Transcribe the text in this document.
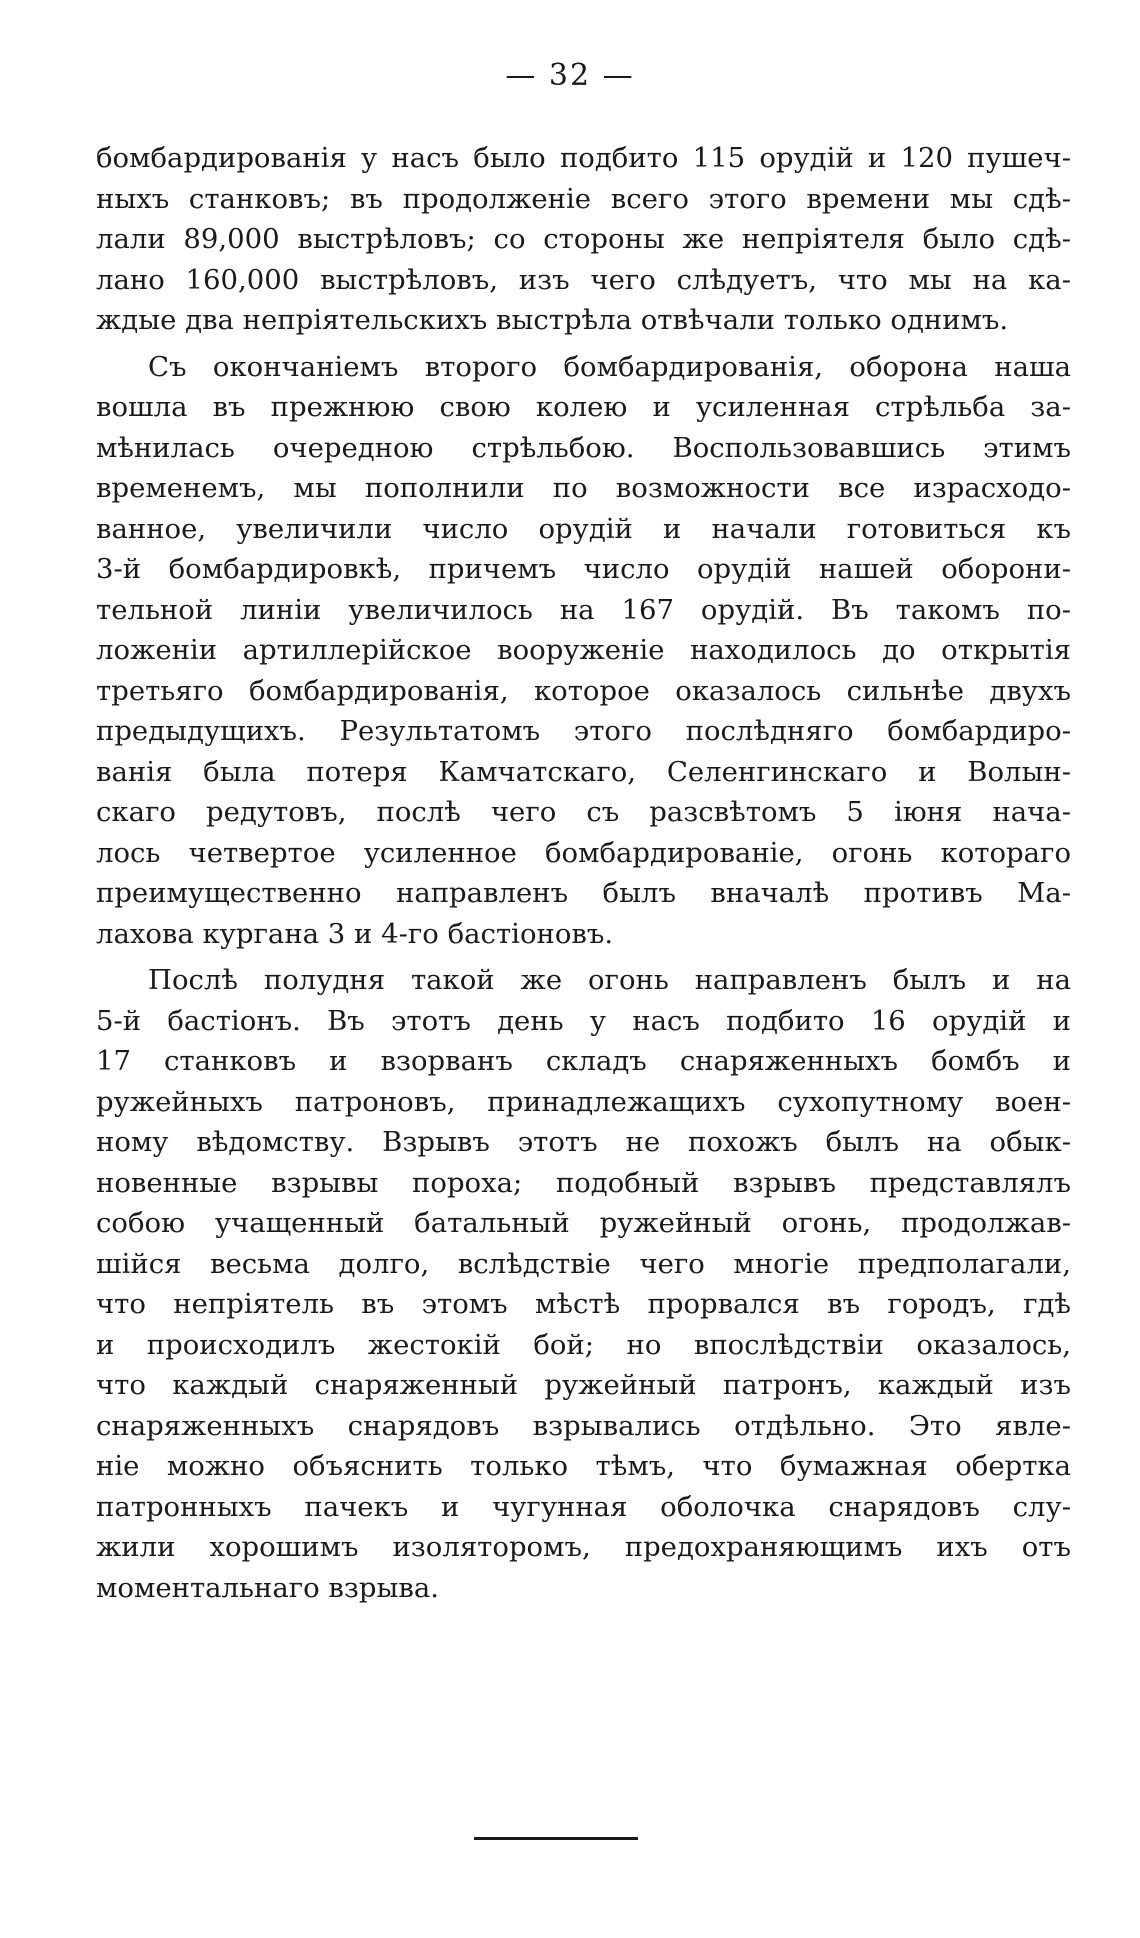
— 32 —
бомбардированія у насъ было подбито 115 орудій и 120 пушеч-
ныхъ станковъ; въ продолженіе всего этого времени мы сдѣ-
лали 89,000 выстрѣловъ; со стороны же непріятеля было сдѣ-
лано 160,000 выстрѣловъ, изъ чего слѣдуетъ, что мы на ка-
ждые два непріятельскихъ выстрѣла отвѣчали только однимъ.
Съ окончаніемъ второго бомбардированія, оборона наша
вошла въ прежнюю свою колею и усиленная стрѣльба за-
мѣнилась очередною стрѣльбою. Воспользовавшись этимъ
временемъ, мы пополнили по возможности все израсходо-
ванное, увеличили число орудій и начали готовиться къ
3-й бомбардировкѣ, причемъ число орудій нашей оборони-
тельной линіи увеличилось на 167 орудій. Въ такомъ по-
ложеніи артиллерійское вооруженіе находилось до открытія
третьяго бомбардированія, которое оказалось сильнѣе двухъ
предыдущихъ. Результатомъ этого послѣдняго бомбардиро-
ванія была потеря Камчатскаго, Селенгинскаго и Волын-
скаго редутовъ, послѣ чего съ разсвѣтомъ 5 іюня нача-
лось четвертое усиленное бомбардированіе, огонь котораго
преимущественно направленъ былъ вначалѣ противъ Ма-
лахова кургана 3 и 4-го бастіоновъ.
Послѣ полудня такой же огонь направленъ былъ и на
5-й бастіонъ. Въ этотъ день у насъ подбито 16 орудій и
17 станковъ и взорванъ складъ снаряженныхъ бомбъ и
ружейныхъ патроновъ, принадлежащихъ сухопутному воен-
ному вѣдомству. Взрывъ этотъ не похожъ былъ на обык-
новенные взрывы пороха; подобный взрывъ представлялъ
собою учащенный батальный ружейный огонь, продолжав-
шійся весьма долго, вслѣдствіе чего многіе предполагали,
что непріятель въ этомъ мѣстѣ прорвался въ городъ, гдѣ
и происходилъ жестокій бой; но впослѣдствіи оказалось,
что каждый снаряженный ружейный патронъ, каждый изъ
снаряженныхъ снарядовъ взрывались отдѣльно. Это явле-
ніе можно объяснить только тѣмъ, что бумажная обертка
патронныхъ пачекъ и чугунная оболочка снарядовъ слу-
жили хорошимъ изоляторомъ, предохраняющимъ ихъ отъ
моментальнаго взрыва.
